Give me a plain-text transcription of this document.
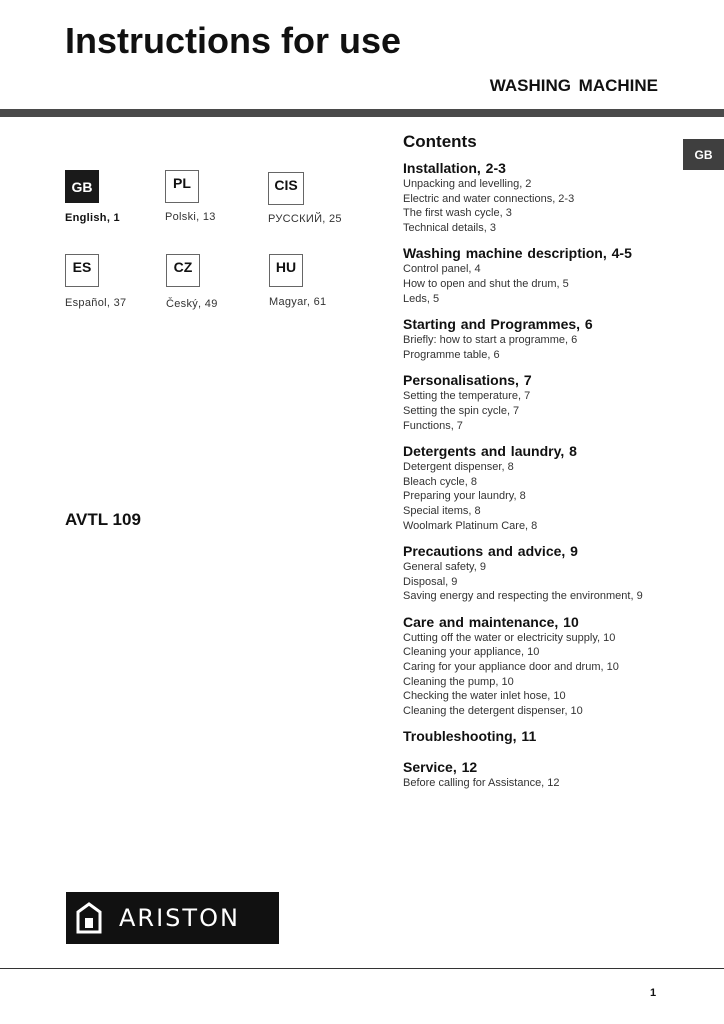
Instructions for use
WASHING MACHINE
GB
GB
English, 1
PL
Polski, 13
CIS
РУССКИЙ, 25
ES
Español, 37
CZ
Český, 49
HU
Magyar, 61
AVTL 109
Contents
Installation, 2-3
Unpacking and levelling, 2
Electric and water connections, 2-3
The first wash cycle, 3
Technical details, 3
Washing machine description, 4-5
Control panel, 4
How to open and shut the drum, 5
Leds, 5
Starting and Programmes, 6
Briefly: how to start a programme, 6
Programme table, 6
Personalisations, 7
Setting the temperature, 7
Setting the spin cycle, 7
Functions, 7
Detergents and laundry, 8
Detergent dispenser, 8
Bleach cycle, 8
Preparing your laundry, 8
Special items, 8
Woolmark Platinum Care, 8
Precautions and advice, 9
General safety, 9
Disposal, 9
Saving energy and respecting the environment, 9
Care and maintenance, 10
Cutting off the water or electricity supply, 10
Cleaning your appliance, 10
Caring for your appliance door and drum, 10
Cleaning the pump, 10
Checking the water inlet hose, 10
Cleaning the detergent dispenser, 10
Troubleshooting, 11
Service, 12
Before calling for Assistance, 12
ARISTON
1
